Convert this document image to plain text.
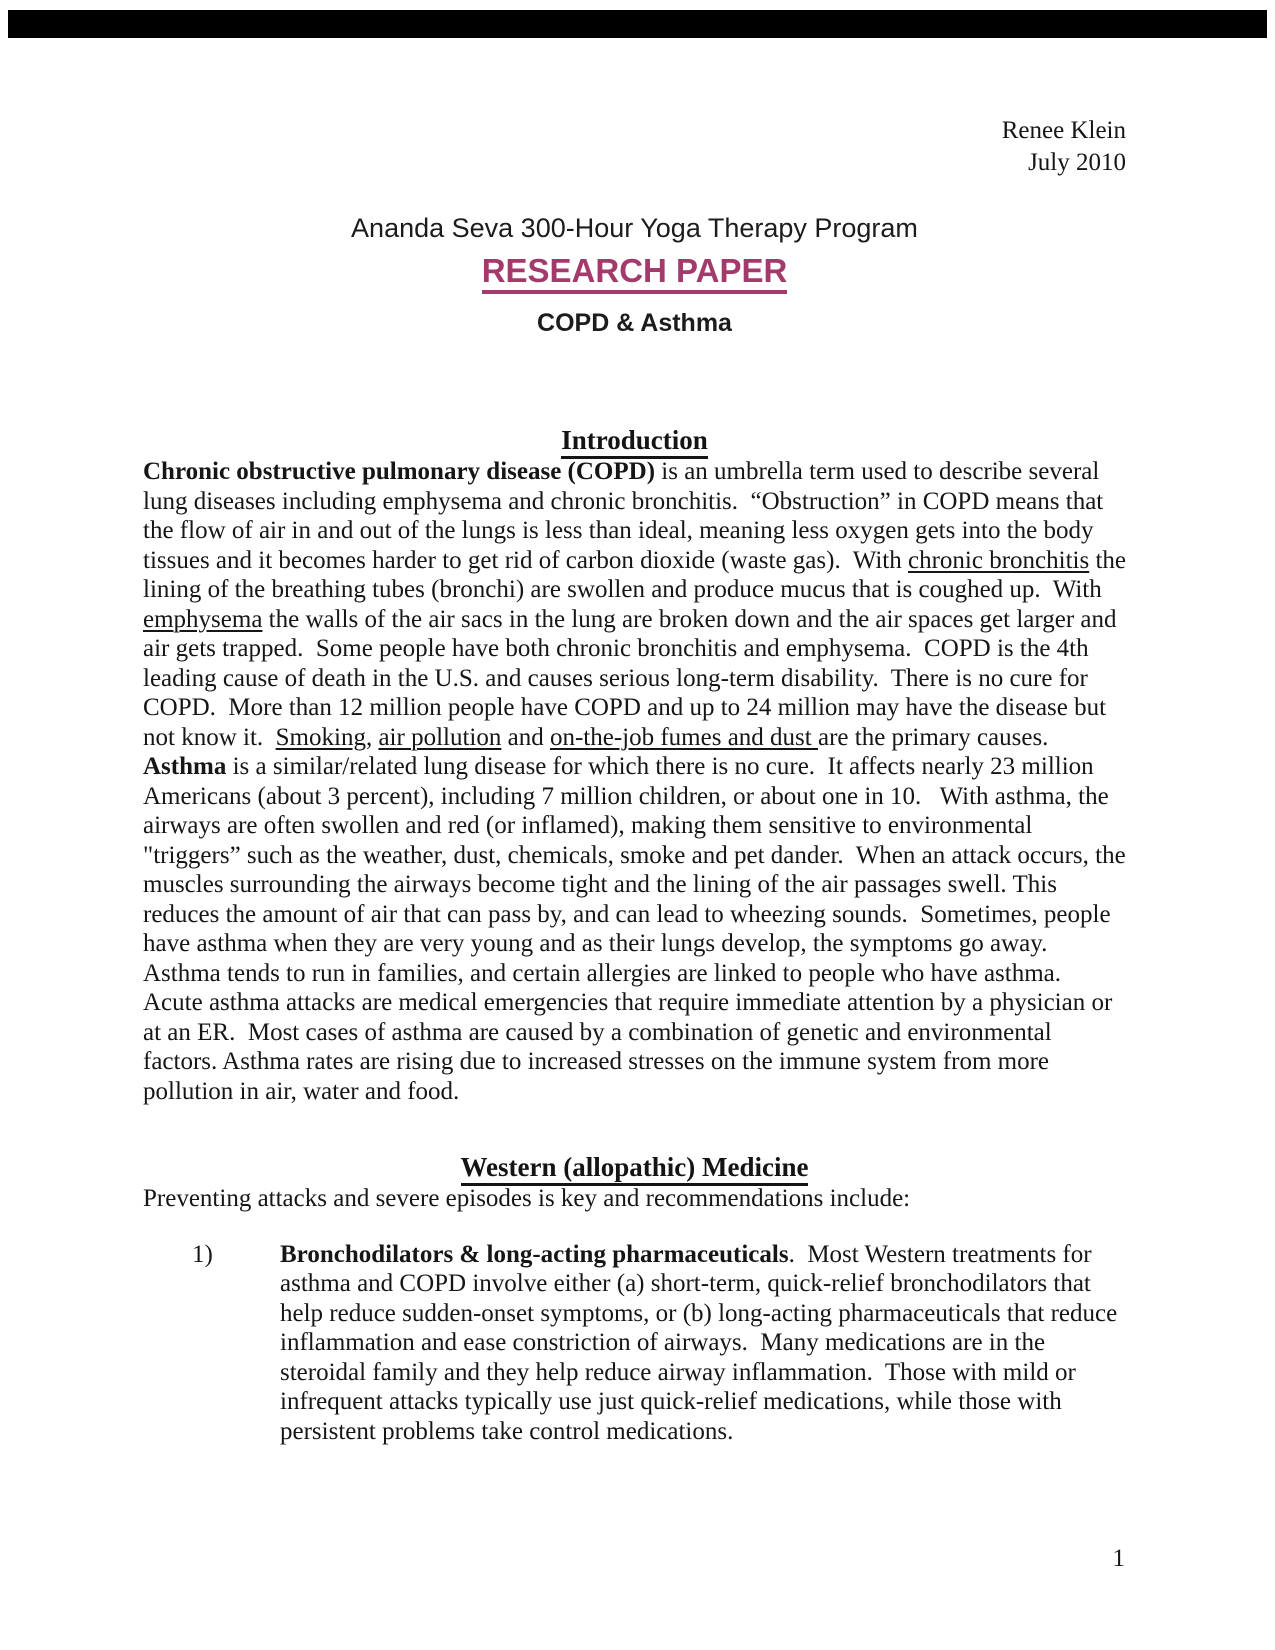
Renee Klein
July 2010
Ananda Seva 300-Hour Yoga Therapy Program
RESEARCH PAPER
COPD & Asthma
Introduction

Chronic obstructive pulmonary disease (COPD) is an umbrella term used to describe several lung diseases including emphysema and chronic bronchitis.  “Obstruction” in COPD means that the flow of air in and out of the lungs is less than ideal, meaning less oxygen gets into the body tissues and it becomes harder to get rid of carbon dioxide (waste gas).  With chronic bronchitis the lining of the breathing tubes (bronchi) are swollen and produce mucus that is coughed up.  With emphysema the walls of the air sacs in the lung are broken down and the air spaces get larger and air gets trapped.  Some people have both chronic bronchitis and emphysema.  COPD is the 4th leading cause of death in the U.S. and causes serious long-term disability.  There is no cure for COPD.  More than 12 million people have COPD and up to 24 million may have the disease but not know it.  Smoking, air pollution and on-the-job fumes and dust are the primary causes.

Asthma is a similar/related lung disease for which there is no cure.  It affects nearly 23 million Americans (about 3 percent), including 7 million children, or about one in 10.   With asthma, the airways are often swollen and red (or inflamed), making them sensitive to environmental "triggers” such as the weather, dust, chemicals, smoke and pet dander.  When an attack occurs, the muscles surrounding the airways become tight and the lining of the air passages swell. This reduces the amount of air that can pass by, and can lead to wheezing sounds.  Sometimes, people have asthma when they are very young and as their lungs develop, the symptoms go away.  Asthma tends to run in families, and certain allergies are linked to people who have asthma.  Acute asthma attacks are medical emergencies that require immediate attention by a physician or at an ER.  Most cases of asthma are caused by a combination of genetic and environmental factors. Asthma rates are rising due to increased stresses on the immune system from more pollution in air, water and food.

Western (allopathic) Medicine

Preventing attacks and severe episodes is key and recommendations include:

1)	Bronchodilators & long-acting pharmaceuticals.  Most Western treatments for asthma and COPD involve either (a) short-term, quick-relief bronchodilators that help reduce sudden-onset symptoms, or (b) long-acting pharmaceuticals that reduce inflammation and ease constriction of airways.  Many medications are in the steroidal family and they help reduce airway inflammation.  Those with mild or infrequent attacks typically use just quick-relief medications, while those with persistent problems take control medications.
1
